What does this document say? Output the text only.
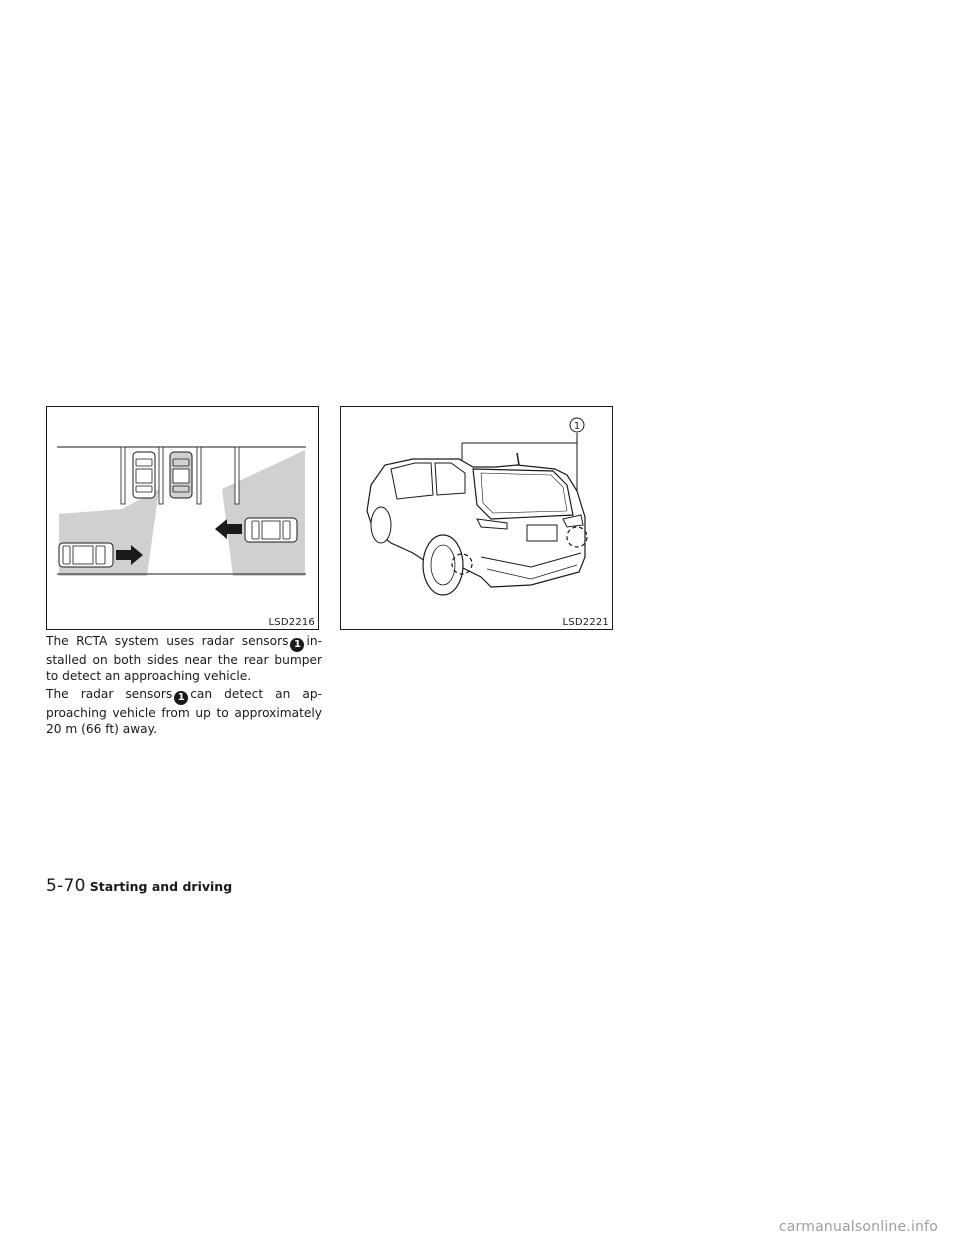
LSD2216
1
LSD2221

The RCTA system uses radar sensors 1 in-stalled on both sides near the rear bumper to detect an approaching vehicle.

The radar sensors 1 can detect an ap-proaching vehicle from up to approximately 20 m (66 ft) away.

5-70 Starting and driving
carmanualsonline.info
